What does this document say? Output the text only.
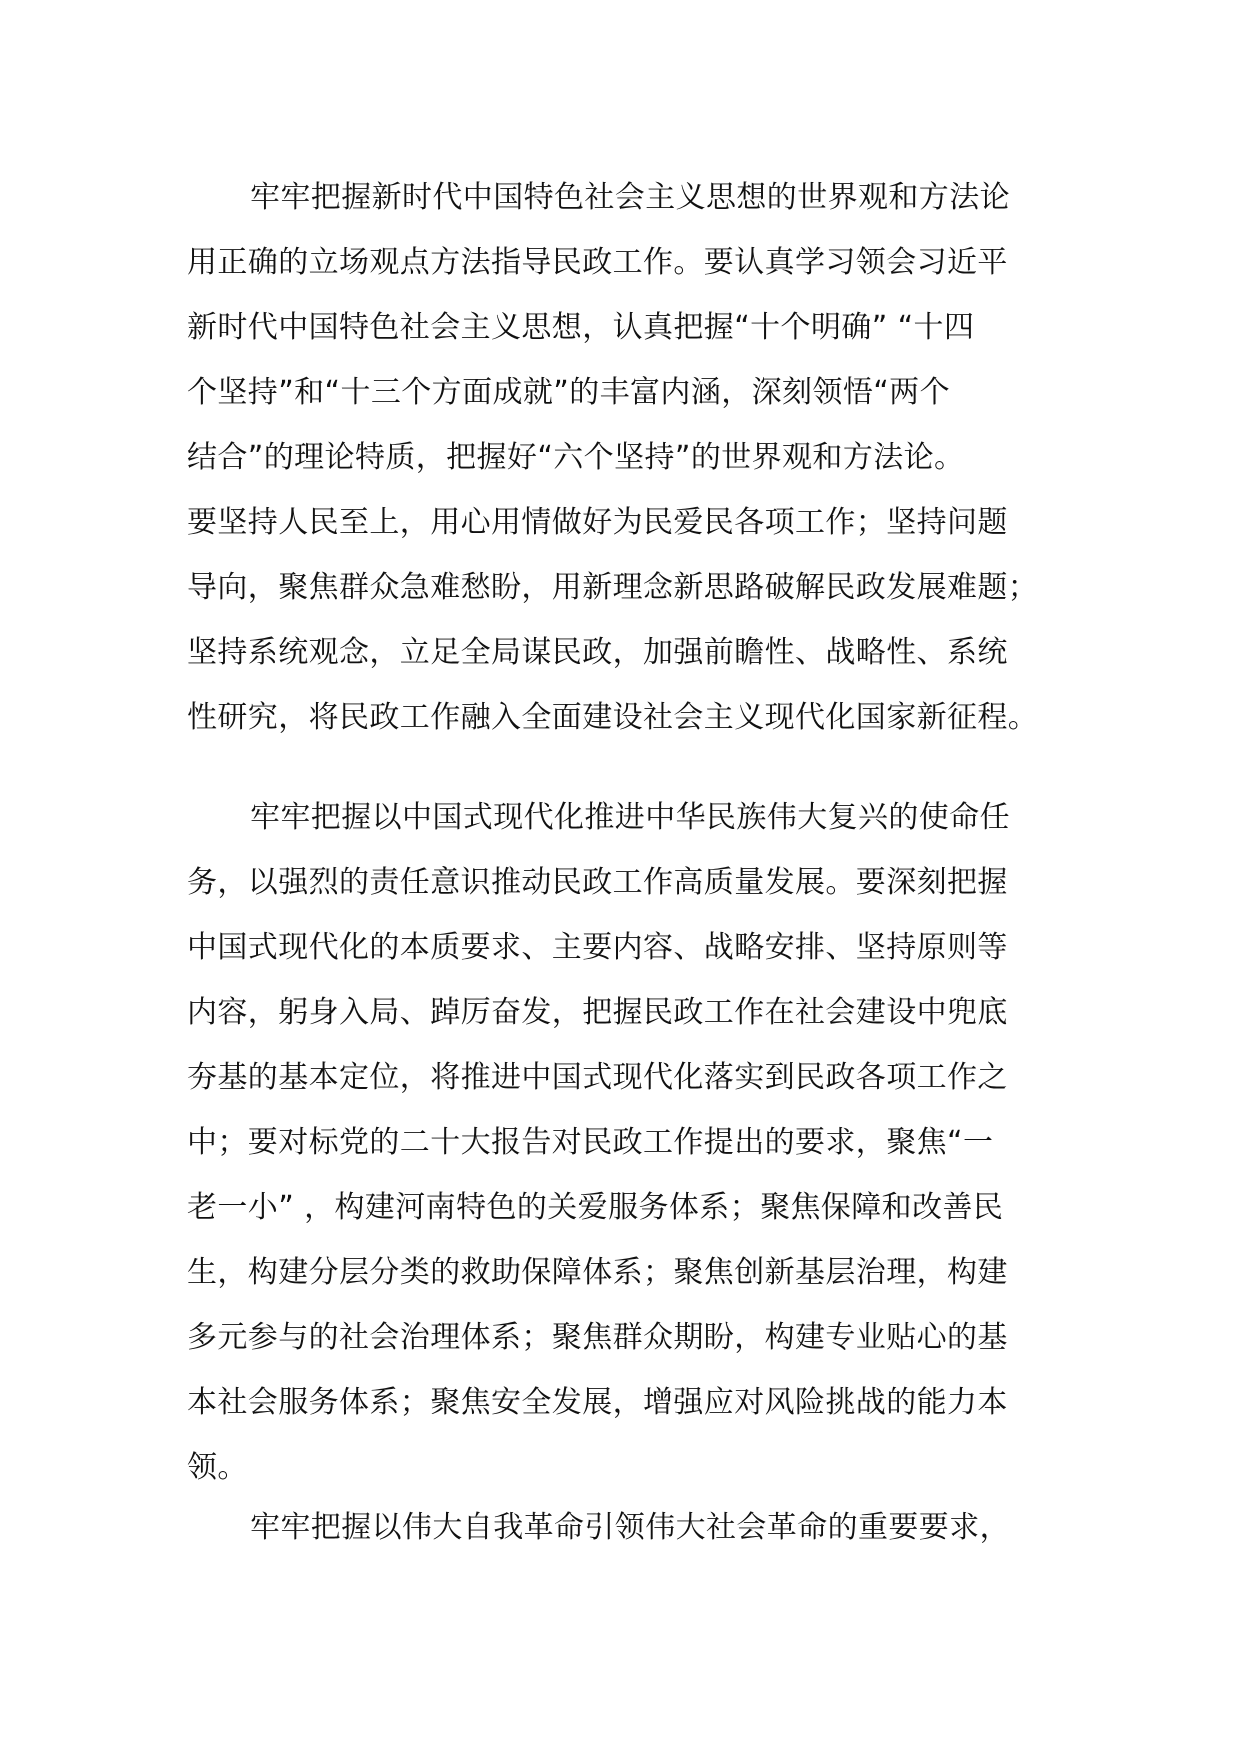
牢牢把握新时代中国特色社会主义思想的世界观和方法论
用正确的立场观点方法指导民政工作。要认真学习领会习近平
新时代中国特色社会主义思想，认真把握“十个明确” “十四
个坚持”和“十三个方面成就”的丰富内涵，深刻领悟“两个
结合”的理论特质，把握好“六个坚持”的世界观和方法论。
要坚持人民至上，用心用情做好为民爱民各项工作；坚持问题
导向，聚焦群众急难愁盼，用新理念新思路破解民政发展难题；
坚持系统观念，立足全局谋民政，加强前瞻性、战略性、系统
性研究，将民政工作融入全面建设社会主义现代化国家新征程。
牢牢把握以中国式现代化推进中华民族伟大复兴的使命任
务，以强烈的责任意识推动民政工作高质量发展。要深刻把握
中国式现代化的本质要求、主要内容、战略安排、坚持原则等
内容，躬身入局、踔厉奋发，把握民政工作在社会建设中兜底
夯基的基本定位，将推进中国式现代化落实到民政各项工作之
中；要对标党的二十大报告对民政工作提出的要求，聚焦“一
老一小” ，构建河南特色的关爱服务体系；聚焦保障和改善民
生，构建分层分类的救助保障体系；聚焦创新基层治理，构建
多元参与的社会治理体系；聚焦群众期盼，构建专业贴心的基
本社会服务体系；聚焦安全发展，增强应对风险挑战的能力本
领。
牢牢把握以伟大自我革命引领伟大社会革命的重要要求，
